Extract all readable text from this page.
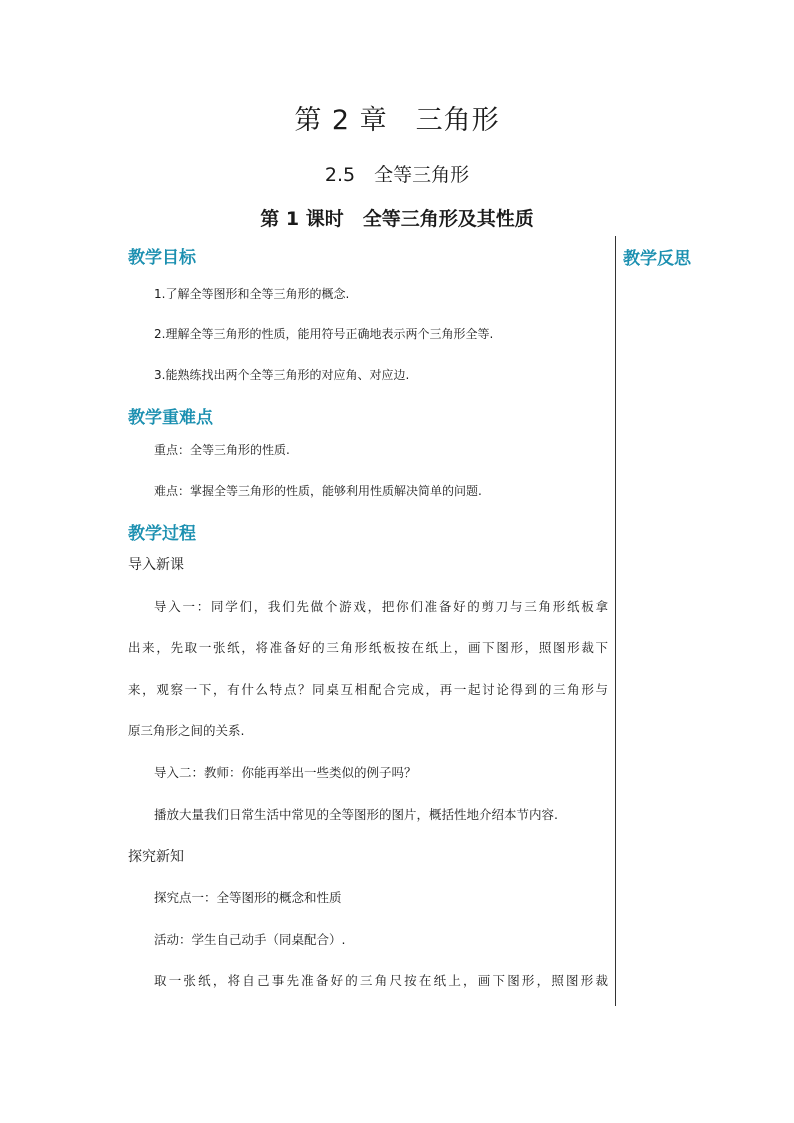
第 2 章　三角形
2.5　全等三角形
第 1 课时　全等三角形及其性质
教学反思
教学目标
1.了解全等图形和全等三角形的概念.
2.理解全等三角形的性质，能用符号正确地表示两个三角形全等.
3.能熟练找出两个全等三角形的对应角、对应边.
教学重难点
重点：全等三角形的性质.
难点：掌握全等三角形的性质，能够利用性质解决简单的问题.
教学过程
导入新课
导入一：同学们，我们先做个游戏，把你们准备好的剪刀与三角形纸板拿
出来，先取一张纸，将准备好的三角形纸板按在纸上，画下图形，照图形裁下
来，观察一下，有什么特点？同桌互相配合完成，再一起讨论得到的三角形与
原三角形之间的关系.
导入二：教师：你能再举出一些类似的例子吗？
播放大量我们日常生活中常见的全等图形的图片，概括性地介绍本节内容.
探究新知
探究点一：全等图形的概念和性质
活动：学生自己动手（同桌配合）.
取一张纸，将自己事先准备好的三角尺按在纸上，画下图形，照图形裁
